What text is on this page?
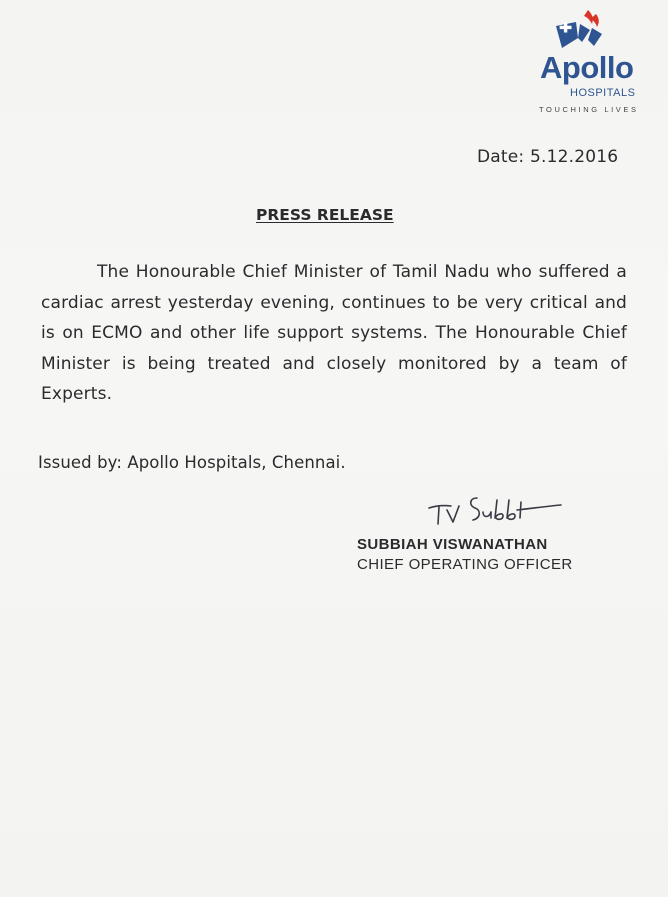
Apollo
HOSPITALS
TOUCHING LIVES
Date: 5.12.2016
PRESS RELEASE

The Honourable Chief Minister of Tamil Nadu who suffered a cardiac arrest yesterday evening, continues to be very critical and is on ECMO and other life support systems. The Honourable Chief Minister is being treated and closely monitored by a team of Experts.

Issued by: Apollo Hospitals, Chennai.
SUBBIAH VISWANATHAN
CHIEF OPERATING OFFICER
